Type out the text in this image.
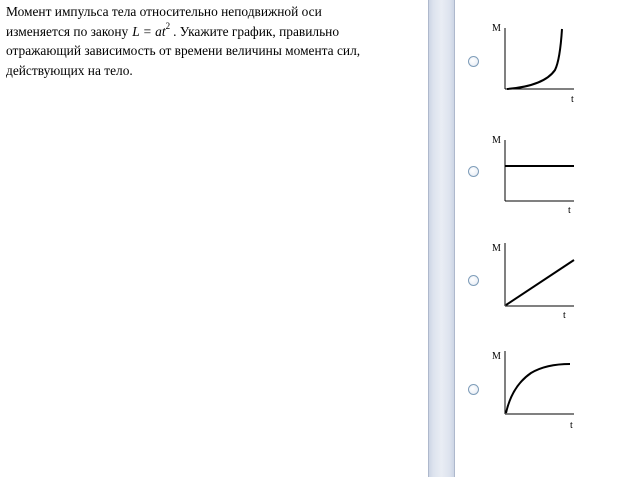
Момент импульса тела относительно неподвижной оси
изменяется по закону $L = at^2$ . Укажите график, правильно
отражающий зависимость от времени величины момента сил,
действующих на тело.
M
t
M
t
M
t
M
t
